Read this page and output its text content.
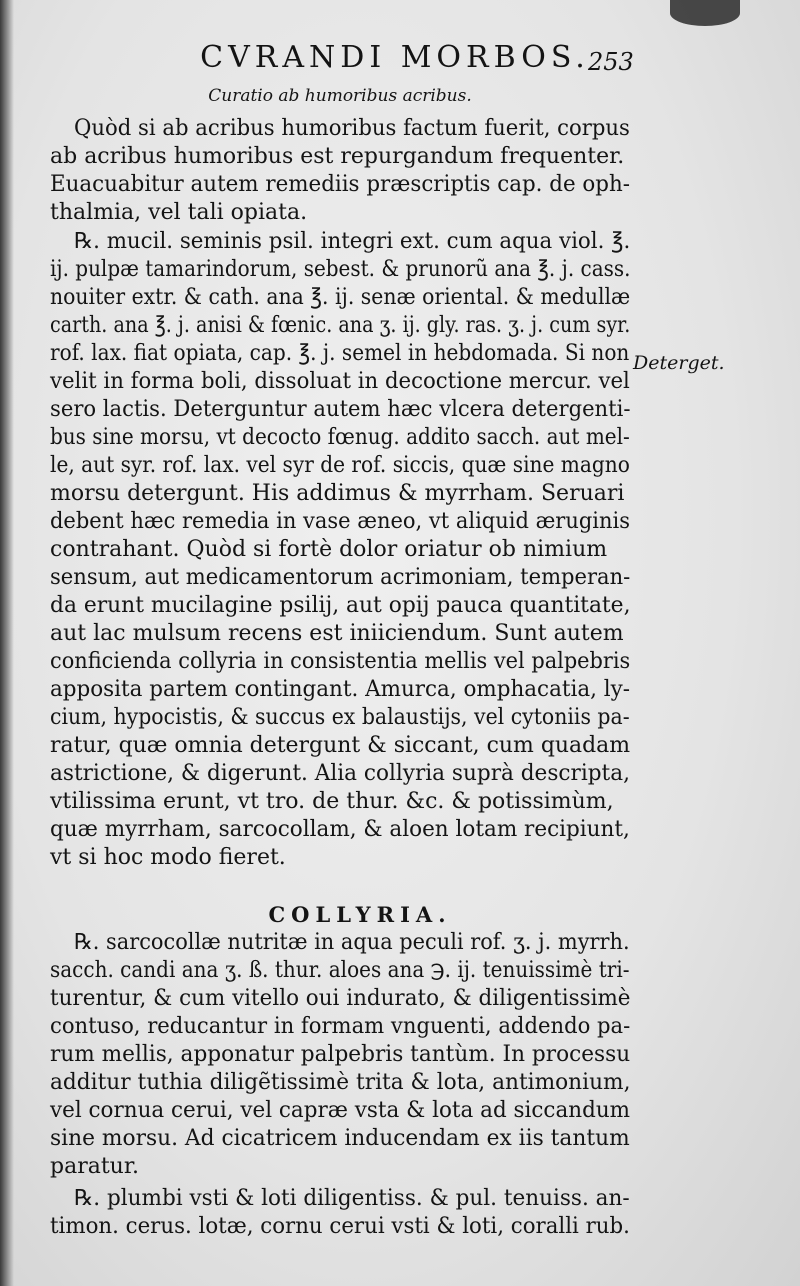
CVRANDI MORBOS.
253
Curatio ab humoribus acribus.
Deterget.
COLLYRIA.
Quòd si ab acribus humoribus factum fuerit, corpus
ab acribus humoribus est repurgandum frequenter.
Euacuabitur autem remediis præscriptis cap. de oph-
thalmia, vel tali opiata.
℞. mucil. seminis psil. integri ext. cum aqua viol. ℥.
ij. pulpæ tamarindorum, sebest. & prunorũ ana ℥. j. cass.
nouiter extr. & cath. ana ℥. ij. senæ oriental. & medullæ
carth. ana ℥. j. anisi & fœnic. ana ʒ. ij. gly. ras. ʒ. j. cum syr.
rof. lax. fiat opiata, cap. ℥. j. semel in hebdomada. Si non
velit in forma boli, dissoluat in decoctione mercur. vel
sero lactis. Deterguntur autem hæc vlcera detergenti-
bus sine morsu, vt decocto fœnug. addito sacch. aut mel-
le, aut syr. rof. lax. vel syr de rof. siccis, quæ sine magno
morsu detergunt. His addimus & myrrham. Seruari
debent hæc remedia in vase æneo, vt aliquid æruginis
contrahant. Quòd si fortè dolor oriatur ob nimium
sensum, aut medicamentorum acrimoniam, temperan-
da erunt mucilagine psilij, aut opij pauca quantitate,
aut lac mulsum recens est iniiciendum. Sunt autem
conficienda collyria in consistentia mellis vel palpebris
apposita partem contingant. Amurca, omphacatia, ly-
cium, hypocistis, & succus ex balaustijs, vel cytoniis pa-
ratur, quæ omnia detergunt & siccant, cum quadam
astrictione, & digerunt. Alia collyria suprà descripta,
vtilissima erunt, vt tro. de thur. &c. & potissimùm,
quæ myrrham, sarcocollam, & aloen lotam recipiunt,
vt si hoc modo fieret.
℞. sarcocollæ nutritæ in aqua peculi rof. ʒ. j. myrrh.
sacch. candi ana ʒ. ß. thur. aloes ana ℈. ij. tenuissimè tri-
turentur, & cum vitello oui indurato, & diligentissimè
contuso, reducantur in formam vnguenti, addendo pa-
rum mellis, apponatur palpebris tantùm. In processu
additur tuthia diligẽtissimè trita & lota, antimonium,
vel cornua cerui, vel capræ vsta & lota ad siccandum
sine morsu. Ad cicatricem inducendam ex iis tantum
paratur.
℞. plumbi vsti & loti diligentiss. & pul. tenuiss. an-
timon. cerus. lotæ, cornu cerui vsti & loti, coralli rub.
